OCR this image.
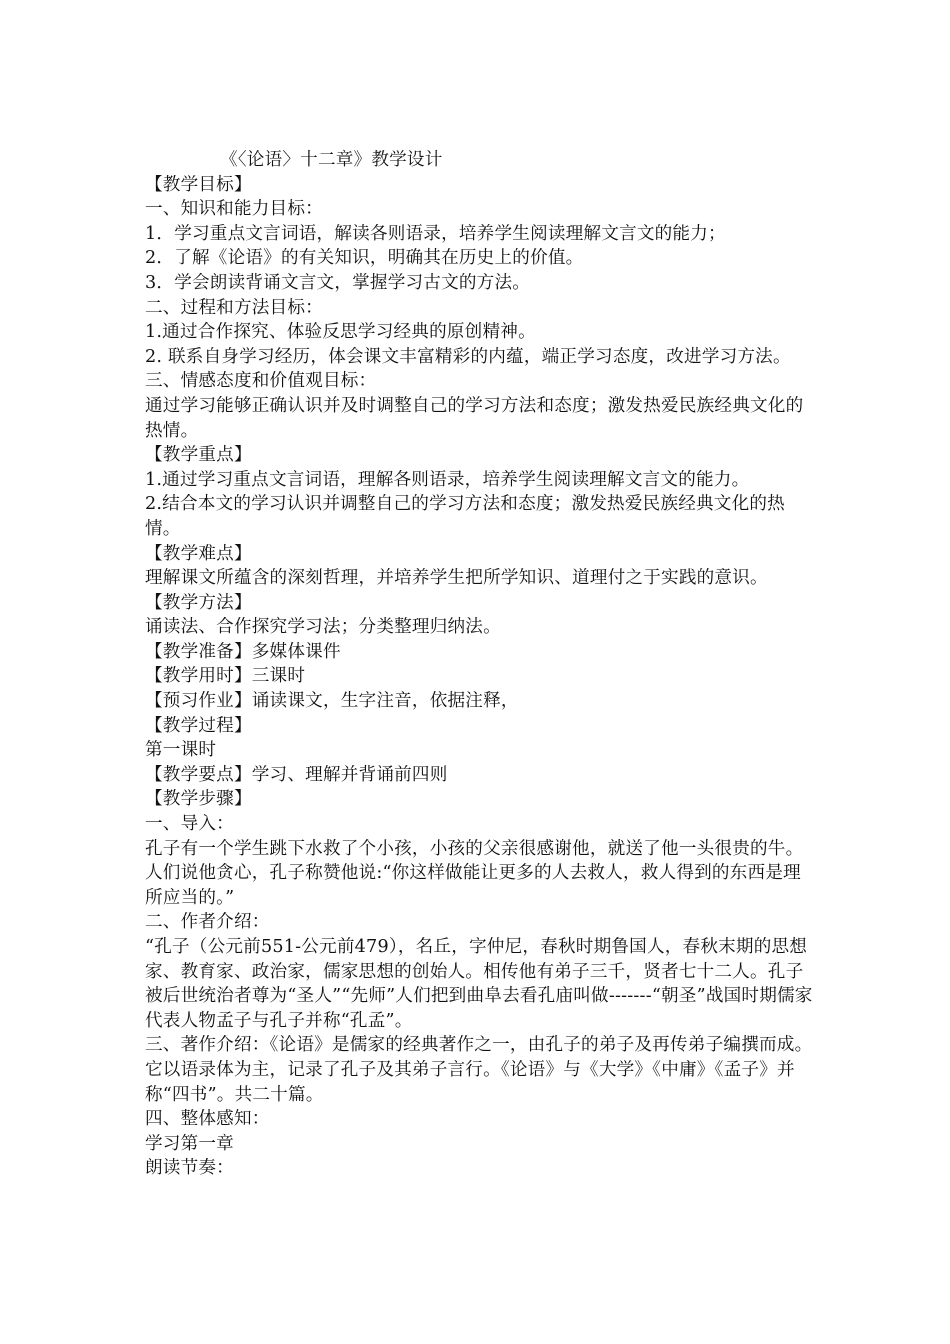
《〈论语〉十二章》教学设计

【教学目标】

一、知识和能力目标：

1．学习重点文言词语，解读各则语录，培养学生阅读理解文言文的能力；

2．了解《论语》的有关知识，明确其在历史上的价值。

3．学会朗读背诵文言文，掌握学习古文的方法。

二、过程和方法目标：

1.通过合作探究、体验反思学习经典的原创精神。

2. 联系自身学习经历，体会课文丰富精彩的内蕴，端正学习态度，改进学习方法。

三、情感态度和价值观目标：

通过学习能够正确认识并及时调整自己的学习方法和态度；激发热爱民族经典文化的热情。

【教学重点】

1.通过学习重点文言词语，理解各则语录，培养学生阅读理解文言文的能力。

2.结合本文的学习认识并调整自己的学习方法和态度；激发热爱民族经典文化的热情。

【教学难点】

理解课文所蕴含的深刻哲理，并培养学生把所学知识、道理付之于实践的意识。

【教学方法】

诵读法、合作探究学习法；分类整理归纳法。

【教学准备】多媒体课件

【教学用时】三课时

【预习作业】诵读课文，生字注音，依据注释，

【教学过程】

第一课时

【教学要点】学习、理解并背诵前四则

【教学步骤】

一、导入：

孔子有一个学生跳下水救了个小孩，小孩的父亲很感谢他，就送了他一头很贵的牛。人们说他贪心，孔子称赞他说:“你这样做能让更多的人去救人，救人得到的东西是理所应当的。”

二、作者介绍：

“孔子（公元前551-公元前479），名丘，字仲尼，春秋时期鲁国人，春秋末期的思想家、教育家、政治家，儒家思想的创始人。相传他有弟子三千，贤者七十二人。孔子被后世统治者尊为“圣人”“先师”人们把到曲阜去看孔庙叫做-------“朝圣”战国时期儒家代表人物孟子与孔子并称“孔孟”。

三、著作介绍：《论语》是儒家的经典著作之一，由孔子的弟子及再传弟子编撰而成。它以语录体为主，记录了孔子及其弟子言行。《论语》与《大学》《中庸》《孟子》并称“四书”。共二十篇。

四、整体感知：

学习第一章

朗读节奏：
